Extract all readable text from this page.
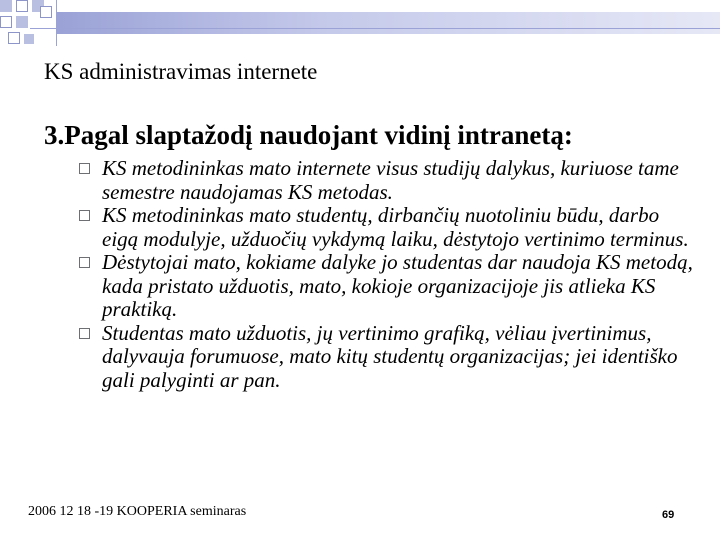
KS administravimas internete
3.Pagal slaptažodį naudojant vidinį intranetą:
KS metodininkas mato internete visus studijų dalykus, kuriuose tame semestre naudojamas KS metodas.
KS metodininkas mato studentų, dirbančių nuotoliniu būdu, darbo eigą modulyje, užduočių vykdymą laiku, dėstytojo vertinimo terminus.
Dėstytojai mato, kokiame dalyke jo studentas dar naudoja KS metodą, kada pristato užduotis, mato, kokioje organizacijoje jis atlieka KS praktiką.
Studentas mato užduotis, jų vertinimo grafiką, vėliau įvertinimus, dalyvauja forumuose, mato kitų studentų organizacijas; jei identiško gali palyginti ar pan.
2006 12 18 -19 KOOPERIA seminaras	69
